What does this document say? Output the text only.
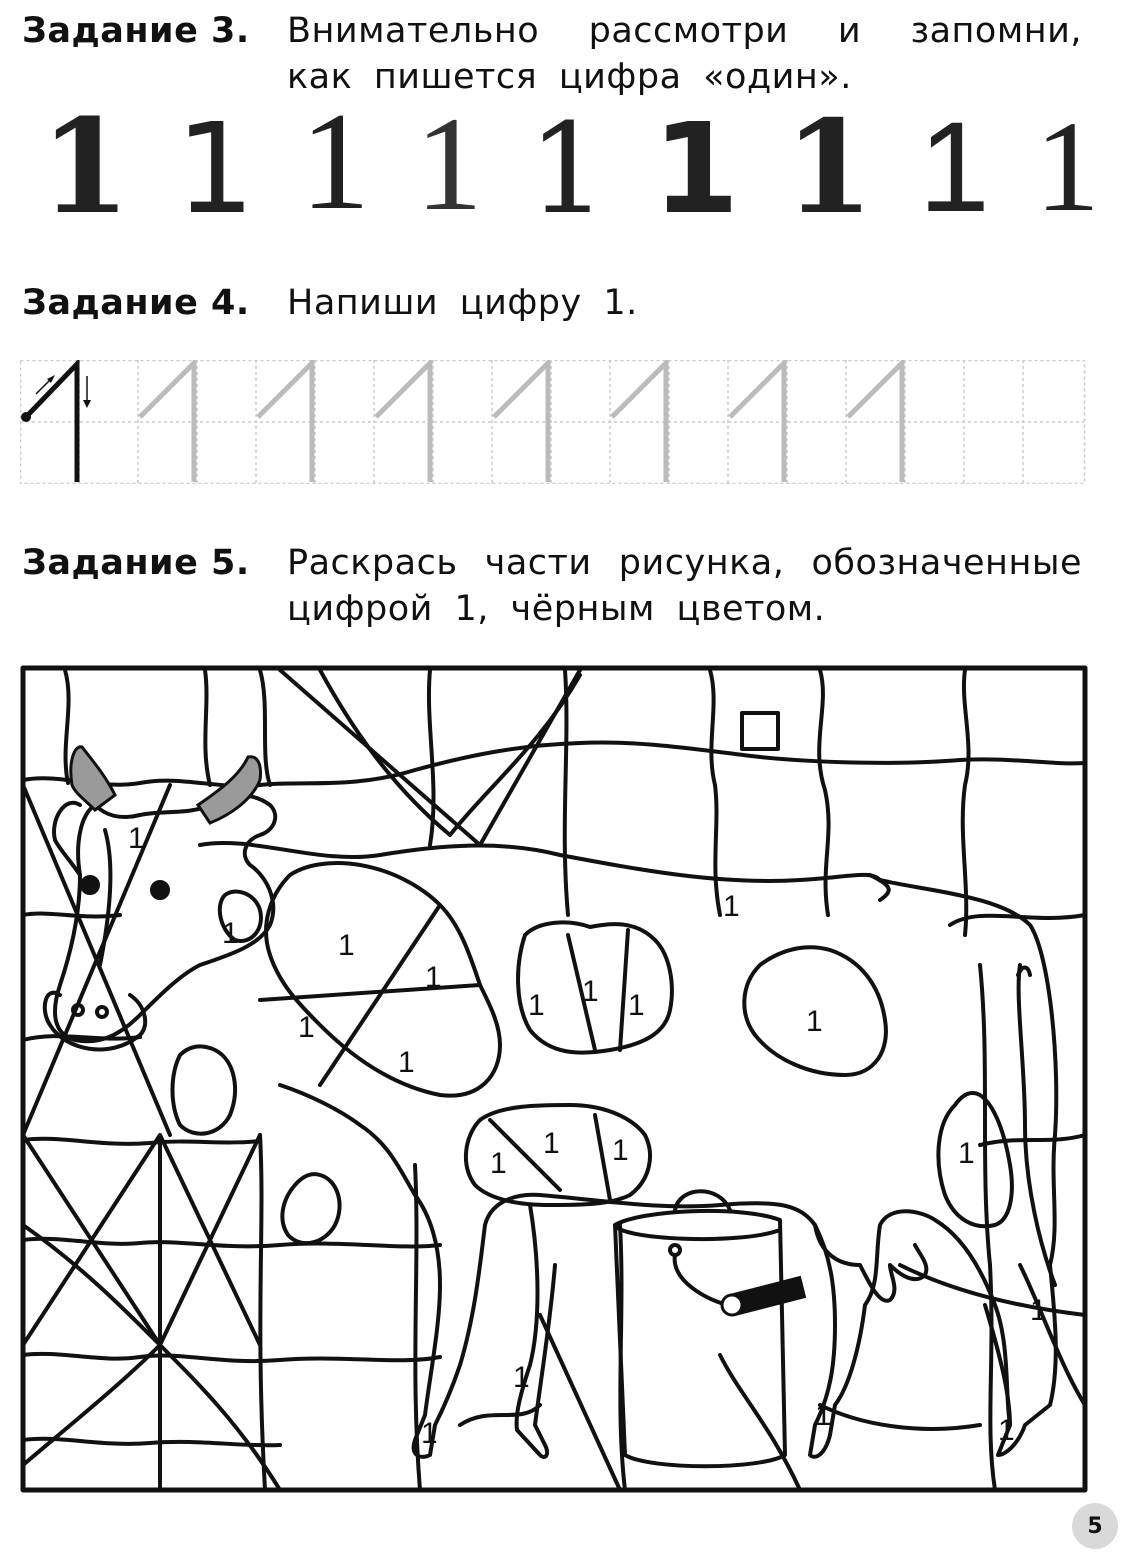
Задание 3. Внимательно рассмотри и запомни, как пишется цифра «один».
1 1 1 1 1 1 1 1 1
Задание 4. Напиши цифру 1.
Задание 5. Раскрась части рисунка, обозначенные цифрой 1, чёрным цветом.
1
1	1
1
1
1
1
1 1 1	1
1 1
1	1
1
1
1
1	1
5
